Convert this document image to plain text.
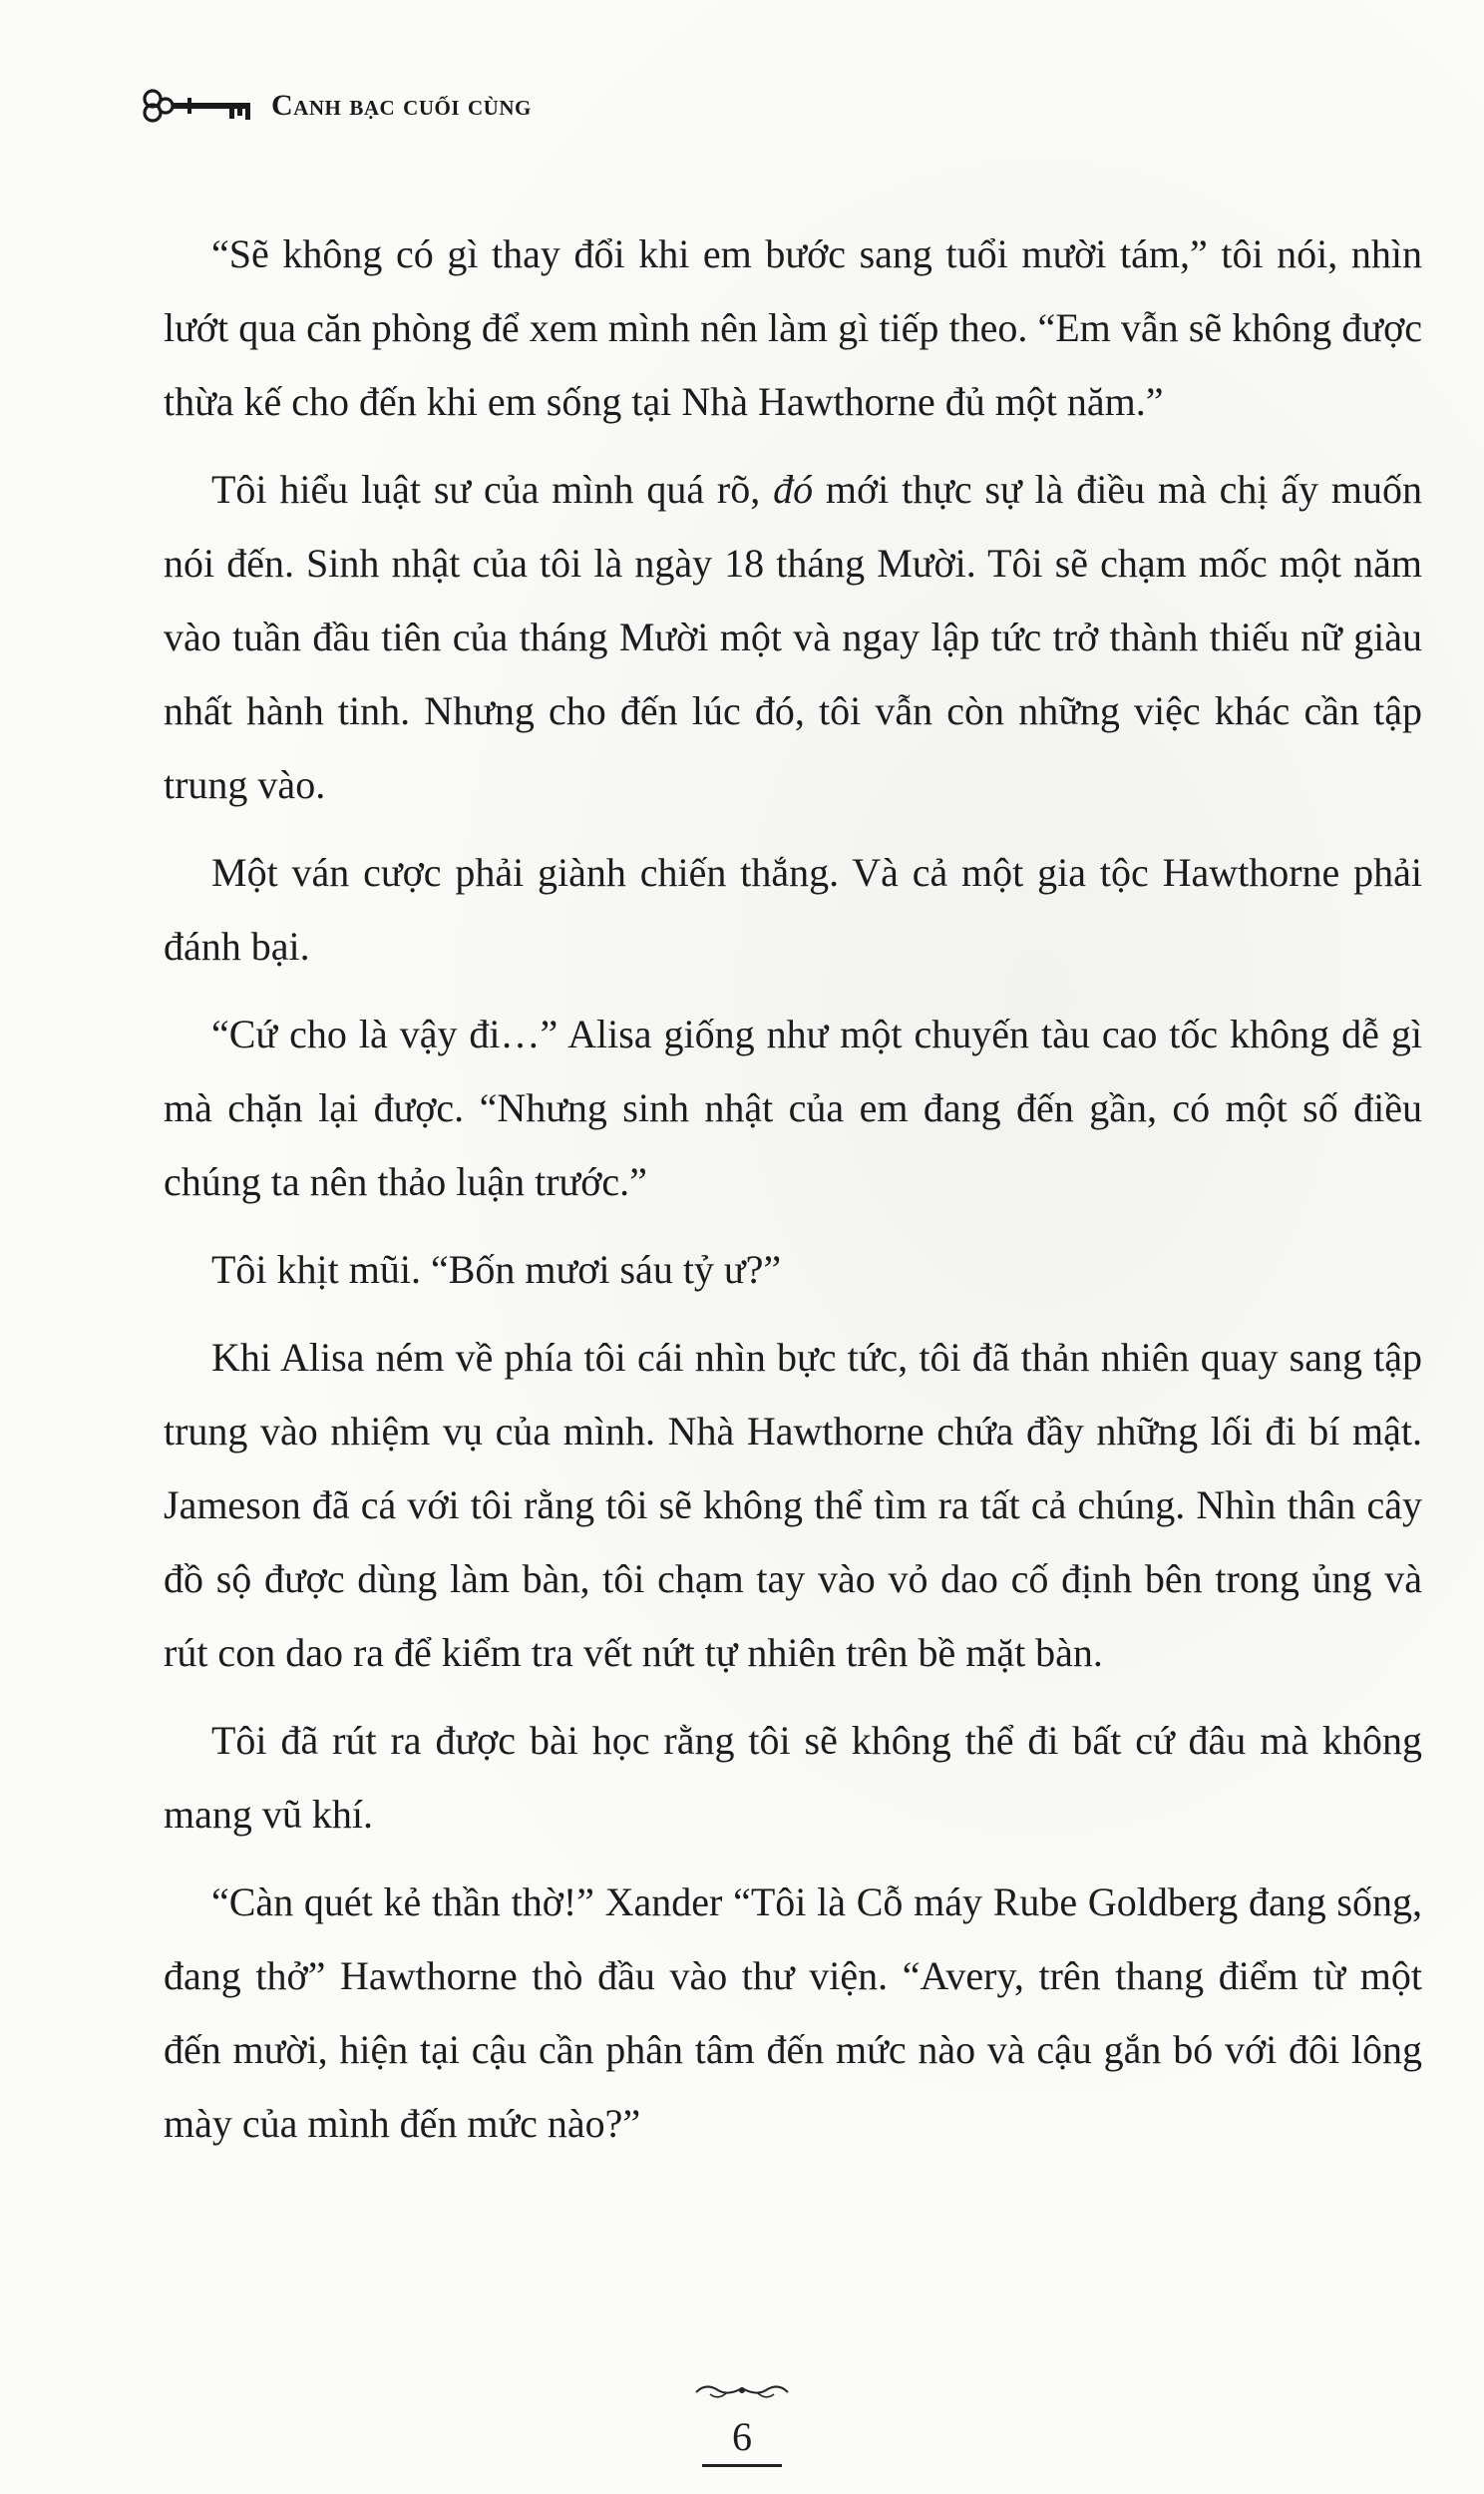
Canh bạc cuối cùng

“Sẽ không có gì thay đổi khi em bước sang tuổi mười tám,” tôi nói, nhìn lướt qua căn phòng để xem mình nên làm gì tiếp theo. “Em vẫn sẽ không được thừa kế cho đến khi em sống tại Nhà Hawthorne đủ một năm.”

Tôi hiểu luật sư của mình quá rõ, đó mới thực sự là điều mà chị ấy muốn nói đến. Sinh nhật của tôi là ngày 18 tháng Mười. Tôi sẽ chạm mốc một năm vào tuần đầu tiên của tháng Mười một và ngay lập tức trở thành thiếu nữ giàu nhất hành tinh. Nhưng cho đến lúc đó, tôi vẫn còn những việc khác cần tập trung vào.

Một ván cược phải giành chiến thắng. Và cả một gia tộc Hawthorne phải đánh bại.

“Cứ cho là vậy đi…” Alisa giống như một chuyến tàu cao tốc không dễ gì mà chặn lại được. “Nhưng sinh nhật của em đang đến gần, có một số điều chúng ta nên thảo luận trước.”

Tôi khịt mũi. “Bốn mươi sáu tỷ ư?”

Khi Alisa ném về phía tôi cái nhìn bực tức, tôi đã thản nhiên quay sang tập trung vào nhiệm vụ của mình. Nhà Hawthorne chứa đầy những lối đi bí mật. Jameson đã cá với tôi rằng tôi sẽ không thể tìm ra tất cả chúng. Nhìn thân cây đồ sộ được dùng làm bàn, tôi chạm tay vào vỏ dao cố định bên trong ủng và rút con dao ra để kiểm tra vết nứt tự nhiên trên bề mặt bàn.

Tôi đã rút ra được bài học rằng tôi sẽ không thể đi bất cứ đâu mà không mang vũ khí.

“Càn quét kẻ thần thờ!” Xander “Tôi là Cỗ máy Rube Goldberg đang sống, đang thở” Hawthorne thò đầu vào thư viện. “Avery, trên thang điểm từ một đến mười, hiện tại cậu cần phân tâm đến mức nào và cậu gắn bó với đôi lông mày của mình đến mức nào?”

6
